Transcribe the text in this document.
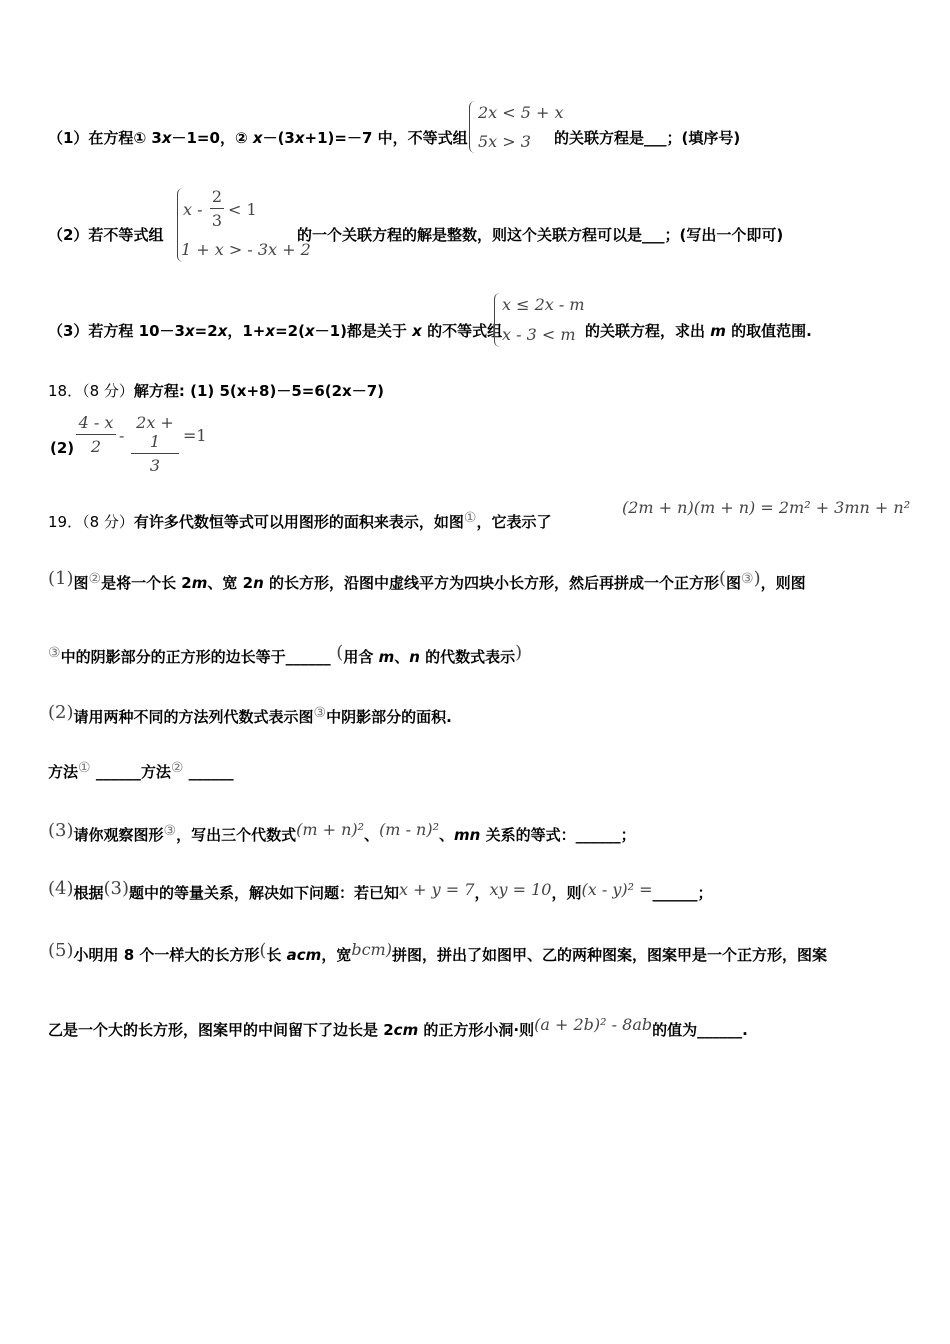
（1）在方程① 3x－1=0，② x－(3x+1)=－7 中，不等式组
2x < 5 + x
5x > 3 的关联方程是___；(填序号)
（2）若不等式组
x -
2
3
< 1
1 + x > - 3x + 2
的一个关联方程的解是整数，则这个关联方程可以是___；(写出一个即可)
（3）若方程 10－3x=2x，1+x=2(x－1)都是关于 x 的不等式组
x ≤ 2x - m
x - 3 < m 的关联方程，求出 m 的取值范围.
18．（8 分）解方程: (1) 5(x+8)－5=6(2x－7)
(2)
4 - x
2
-
2x + 1
3
=1
19．（8 分）有许多代数恒等式可以用图形的面积来表示，如图①，它表示了
(2m + n)(m + n) = 2m² + 3mn + n²
(1)图②是将一个长 2m、宽 2n 的长方形，沿图中虚线平方为四块小长方形，然后再拼成一个正方形(图③)，则图
③中的阴影部分的正方形的边长等于______ (用含 m、n 的代数式表示)
(2)请用两种不同的方法列代数式表示图③中阴影部分的面积.
方法① ______方法② ______
(3)请你观察图形③，写出三个代数式(m + n)²、(m - n)²、mn 关系的等式：______；
(4)根据(3)题中的等量关系，解决如下问题：若已知x + y = 7，xy = 10，则(x - y)² =______；
(5)小明用 8 个一样大的长方形(长 acm，宽bcm)拼图，拼出了如图甲、乙的两种图案，图案甲是一个正方形，图案
乙是一个大的长方形，图案甲的中间留下了边长是 2cm 的正方形小洞·则(a + 2b)² - 8ab的值为______.
